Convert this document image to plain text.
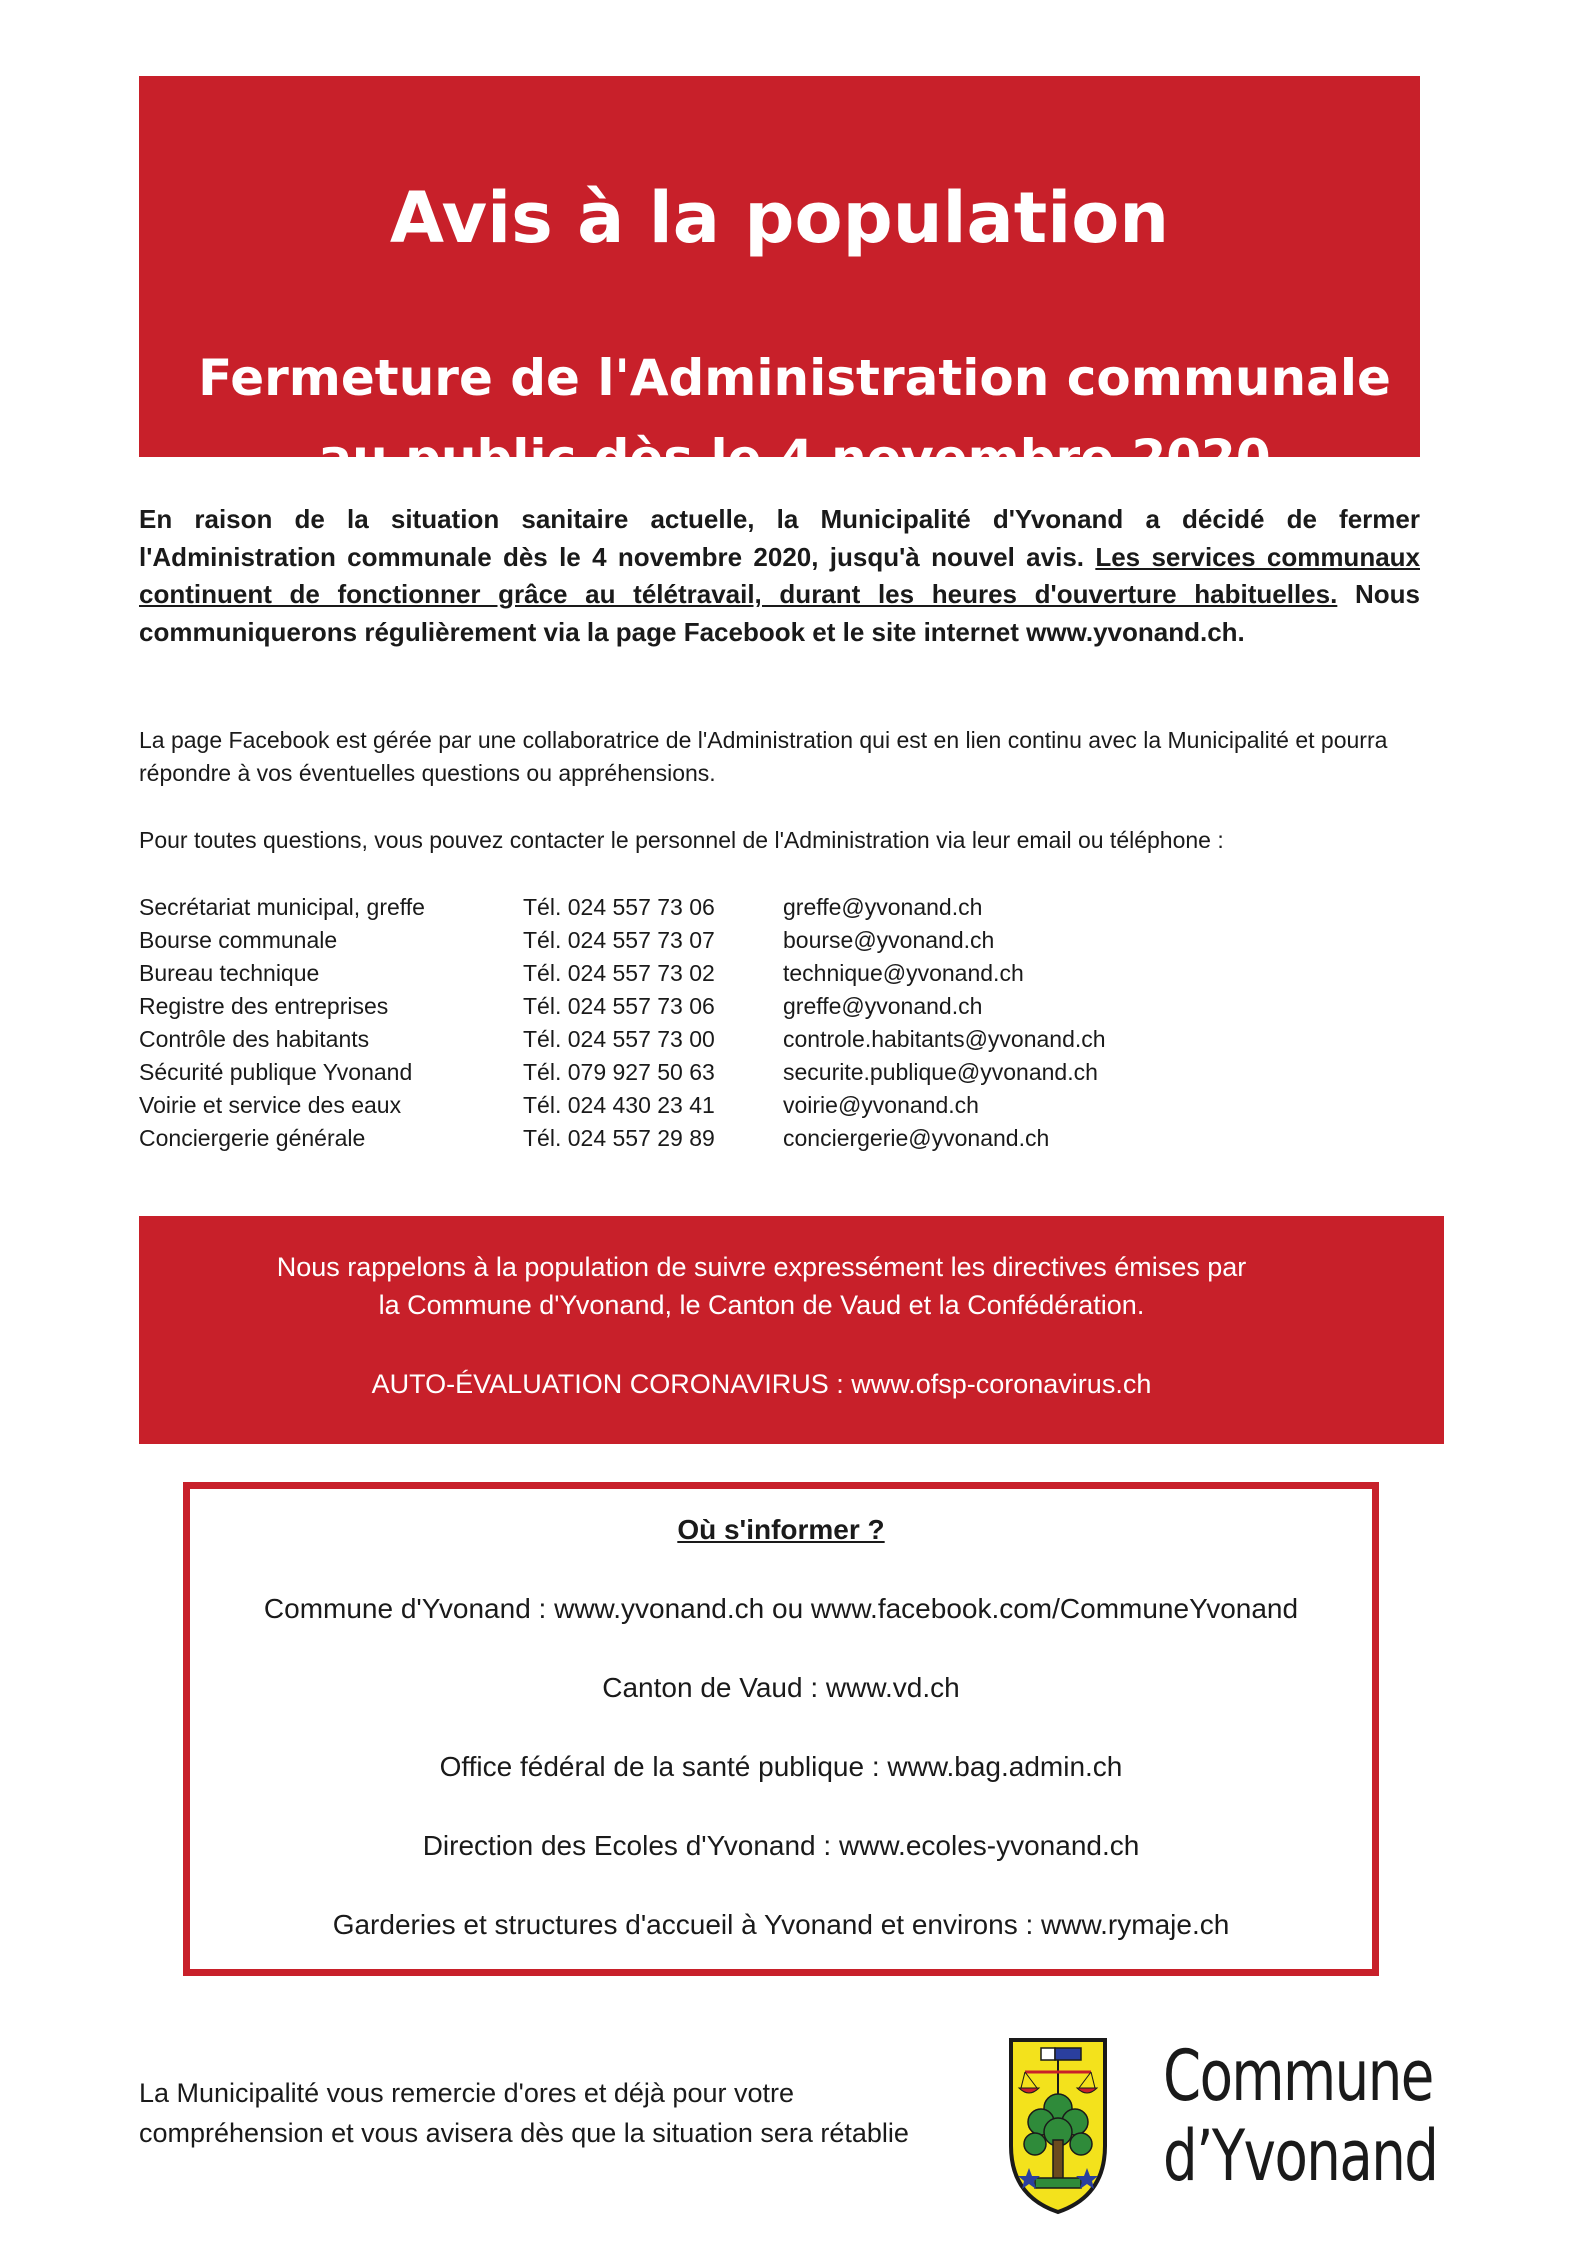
Avis à la population
Fermeture de l'Administration communale
au public dès le 4 novembre 2020

En raison de la situation sanitaire actuelle, la Municipalité d'Yvonand a décidé de fermer l'Administration communale dès le 4 novembre 2020, jusqu'à nouvel avis. Les services communaux continuent de fonctionner grâce au télétravail, durant les heures d'ouverture habituelles. Nous communiquerons régulièrement via la page Facebook et le site internet www.yvonand.ch.

La page Facebook est gérée par une collaboratrice de l'Administration qui est en lien continu avec la Municipalité et pourra répondre à vos éventuelles questions ou appréhensions.

Pour toutes questions, vous pouvez contacter le personnel de l'Administration via leur email ou téléphone :

Secrétariat municipal, greffe	Tél. 024 557 73 06	greffe@yvonand.ch
Bourse communale	Tél. 024 557 73 07	bourse@yvonand.ch
Bureau technique	Tél. 024 557 73 02	technique@yvonand.ch
Registre des entreprises	Tél. 024 557 73 06	greffe@yvonand.ch
Contrôle des habitants	Tél. 024 557 73 00	controle.habitants@yvonand.ch
Sécurité publique Yvonand	Tél. 079 927 50 63	securite.publique@yvonand.ch
Voirie et service des eaux	Tél. 024 430 23 41	voirie@yvonand.ch
Conciergerie générale	Tél. 024 557 29 89	conciergerie@yvonand.ch
Nous rappelons à la population de suivre expressément les directives émises par
la Commune d'Yvonand, le Canton de Vaud et la Confédération.
AUTO-ÉVALUATION CORONAVIRUS : www.ofsp-coronavirus.ch
Où s'informer ?
Commune d'Yvonand : www.yvonand.ch ou www.facebook.com/CommuneYvonand
Canton de Vaud : www.vd.ch
Office fédéral de la santé publique : www.bag.admin.ch
Direction des Ecoles d'Yvonand : www.ecoles-yvonand.ch
Garderies et structures d'accueil à Yvonand et environs : www.rymaje.ch

La Municipalité vous remercie d'ores et déjà pour votre compréhension et vous avisera dès que la situation sera rétablie

Commune
d’Yvonand
